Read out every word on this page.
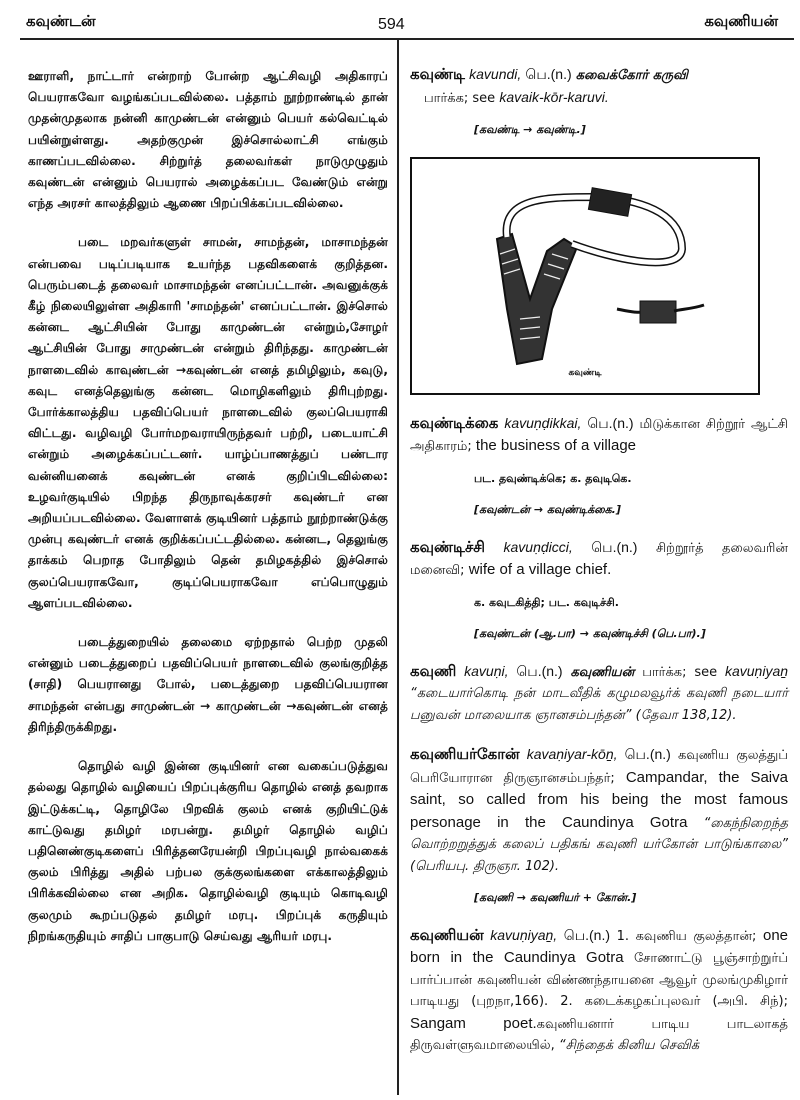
கவுண்டன்	594	கவுணியன்

ஊராளி, நாட்டார் என்றாற் போன்ற ஆட்சிவழி அதிகாரப் பெயராகவோ வழங்கப்படவில்லை. பத்தாம் நூற்றாண்டில் தான் முதன்முதலாக நன்னி காமுண்டன் என்னும் பெயர் கல்வெட்டில் பயின்றுள்ளது. அதற்குமுன் இச்சொல்லாட்சி எங்கும் காணப்படவில்லை. சிற்றுர்த் தலைவர்கள் நாடுமுழுதும் கவுண்டன் என்னும் பெயரால் அழைக்கப்பட வேண்டும் என்று எந்த அரசர் காலத்திலும் ஆணை பிறப்பிக்கப்படவில்லை.

படை மறவர்களுள் சாமன், சாமந்தன், மாசாமந்தன் என்பவை படிப்படியாக உயர்ந்த பதவிகளைக் குறித்தன. பெரும்படைத் தலைவர் மாசாமந்தன் எனப்பட்டான். அவனுக்குக் கீழ் நிலையிலுள்ள அதிகாரி 'சாமந்தன்' எனப்பட்டான். இச்சொல் கன்னட ஆட்சியின் போது காமுண்டன் என்றும்,சோழர் ஆட்சியின் போது சாமுண்டன் என்றும் திரிந்தது. காமுண்டன் நாளடைவில் காவுண்டன் →கவுண்டன் எனத் தமிழிலும், கவுடு, கவுட எனத்தெலுங்கு கன்னட மொழிகளிலும் திரிபுற்றது. போர்க்காலத்திய பதவிப்பெயர் நாளடைவில் குலப்பெயராகி விட்டது. வழிவழி போர்மறவராயிருந்தவர் பற்றி, படையாட்சி என்றும் அழைக்கப்பட்டனர். யாழ்ப்பாணத்துப் பண்டார வன்னியனைக் கவுண்டன் எனக் குறிப்பிடவில்லை: உழவர்குடியில் பிறந்த திருநாவுக்கரசர் கவுண்டர் என அறியப்படவில்லை. வேளாளக் குடியினர் பத்தாம் நூற்றாண்டுக்கு முன்பு கவுண்டர் எனக் குறிக்கப்பட்டதில்லை. கன்னட, தெலுங்கு தாக்கம் பெறாத போதிலும் தென் தமிழகத்தில் இச்சொல் குலப்பெயராகவோ, குடிப்பெயராகவோ எப்பொழுதும் ஆளப்படவில்லை.

படைத்துறையில் தலைமை ஏற்றதால் பெற்ற முதலி என்னும் படைத்துறைப் பதவிப்பெயர் நாளடைவில் குலங்குறித்த (சாதி) பெயரானது போல், படைத்துறை பதவிப்பெயரான சாமந்தன் என்பது சாமுண்டன் → காமுண்டன் →கவுண்டன் எனத் திரிந்திருக்கிறது.

தொழில் வழி இன்ன குடியினர் என வகைப்படுத்துவ தல்லது தொழில் வழியைப் பிறப்புக்குரிய தொழில் எனத் தவறாக இட்டுக்கட்டி, தொழிலே பிறவிக் குலம் எனக் குறியிட்டுக் காட்டுவது தமிழர் மரபன்று. தமிழர் தொழில் வழிப் பதினெண்குடிகளைப் பிரித்தனரேயன்றி பிறப்புவழி நால்வகைக் குலம் பிரித்து அதில் பற்பல குக்குலங்களை எக்காலத்திலும் பிரிக்கவில்லை என அறிக. தொழில்வழி குடியும் கொடிவழி குலமும் கூறப்படுதல் தமிழர் மரபு. பிறப்புக் கருதியும் நிறங்கருதியும் சாதிப் பாகுபாடு செய்வது ஆரியர் மரபு.

கவுண்டி kavundi, பெ.(n.) கவைக்கோர் கருவி
பார்க்க; see kavaik-kōr-karuvi.
[கவண்டி → கவுண்டி.]
கவுண்டி
கவுண்டிக்கை kavuṇḍikkai, பெ.(n.) மிடுக்கான சிற்றூர் ஆட்சி அதிகாரம்; the business of a village
பட. தவுண்டிக்கெ; க. தவுடிகெ.
[கவுண்டன் → கவுண்டிக்கை.]
கவுண்டிச்சி kavuṇḍicci, பெ.(n.) சிற்றூர்த் தலைவரின் மனைவி; wife of a village chief.
க. கவுடகித்தி; பட. கவுடிச்சி.
[கவுண்டன் (ஆ.பா) → கவுண்டிச்சி (பெ.பா).]
கவுணி kavuṇi, பெ.(n.) கவுணியன் பார்க்க; see kavuṇiyaṉ “கடையார்கொடி நன் மாடவீதிக் கழுமலவூர்க் கவுணி நடையார் பனுவன் மாலையாக ஞானசம்பந்தன்” (தேவா 138,12).
கவுணியர்கோன் kavaṇiyar-kōṉ, பெ.(n.) கவுணிய குலத்துப் பெரியோரான திருஞானசம்பந்தர்; Campandar, the Saiva saint, so called from his being the most famous personage in the Caundinya Gotra “கைந்நிறைந்த வொற்றறுத்துக் கலைப் பதிகங் கவுணி யர்கோன் பாடுங்காலை” (பெரியபு. திருஞா. 102).
[கவுணி → கவுணியர் + கோன்.]
கவுணியன் kavuṇiyaṉ, பெ.(n.) 1. கவுணிய குலத்தான்; one born in the Caundinya Gotra சோணாட்டு பூஞ்சாற்றுர்ப் பார்ப்பான் கவுணியன் விண்ணந்தாயனை ஆவூர் முலங்முகிழார் பாடியது (புறநா,166). 2. கடைக்கழகப்புலவர் (அபி. சிந்); Sangam poet.கவுணியனார் பாடிய பாடலாகத் திருவள்ளுவமாலையில், “சிந்தைக் கினிய செவிக்
